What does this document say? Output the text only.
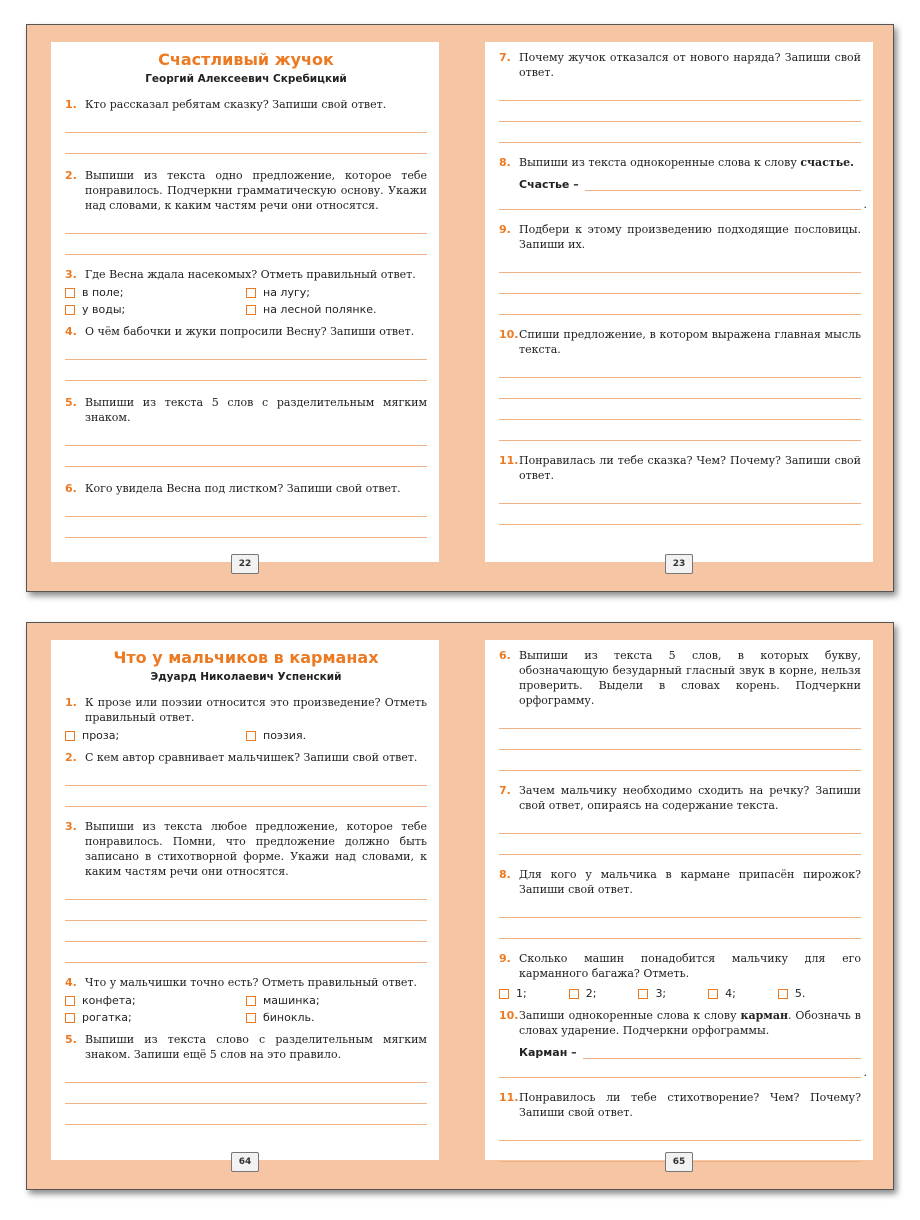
Счастливый жучок
Георгий Алексеевич Скребицкий
1. Кто рассказал ребятам сказку? Запиши свой ответ.
2. Выпиши из текста одно предложение, которое тебе понравилось. Подчеркни грамматическую основу. Укажи над словами, к каким частям речи они относятся.
3. Где Весна ждала насекомых? Отметь правильный ответ.
в поле;	на лугу;
у воды;	на лесной полянке.
4. О чём бабочки и жуки попросили Весну? Запиши ответ.
5. Выпиши из текста 5 слов с разделительным мягким знаком.
6. Кого увидела Весна под листком? Запиши свой ответ.
22
7. Почему жучок отказался от нового наряда? Запиши свой ответ.
8. Выпиши из текста однокоренные слова к слову счастье.
Счастье –
.
9. Подбери к этому произведению подходящие пословицы. Запиши их.
10. Спиши предложение, в котором выражена главная мысль текста.
11. Понравилась ли тебе сказка? Чем? Почему? Запиши свой ответ.
23
Что у мальчиков в карманах
Эдуард Николаевич Успенский
1. К прозе или поэзии относится это произведение? Отметь правильный ответ.
проза;	поэзия.
2. С кем автор сравнивает мальчишек? Запиши свой ответ.
3. Выпиши из текста любое предложение, которое тебе понравилось. Помни, что предложение должно быть записано в стихотворной форме. Укажи над словами, к каким частям речи они относятся.
4. Что у мальчишки точно есть? Отметь правильный ответ.
конфета;	машинка;
рогатка;	бинокль.
5. Выпиши из текста слово с разделительным мягким знаком. Запиши ещё 5 слов на это правило.
64
6. Выпиши из текста 5 слов, в которых букву, обозначающую безударный гласный звук в корне, нельзя проверить. Выдели в словах корень. Подчеркни орфограмму.
7. Зачем мальчику необходимо сходить на речку? Запиши свой ответ, опираясь на содержание текста.
8. Для кого у мальчика в кармане припасён пирожок? Запиши свой ответ.
9. Сколько машин понадобится мальчику для его карманного багажа? Отметь.
1;	2;	3;	4;	5.
10. Запиши однокоренные слова к слову карман. Обозначь в словах ударение. Подчеркни орфограммы.
Карман –
.
11. Понравилось ли тебе стихотворение? Чем? Почему? Запиши свой ответ.
65
